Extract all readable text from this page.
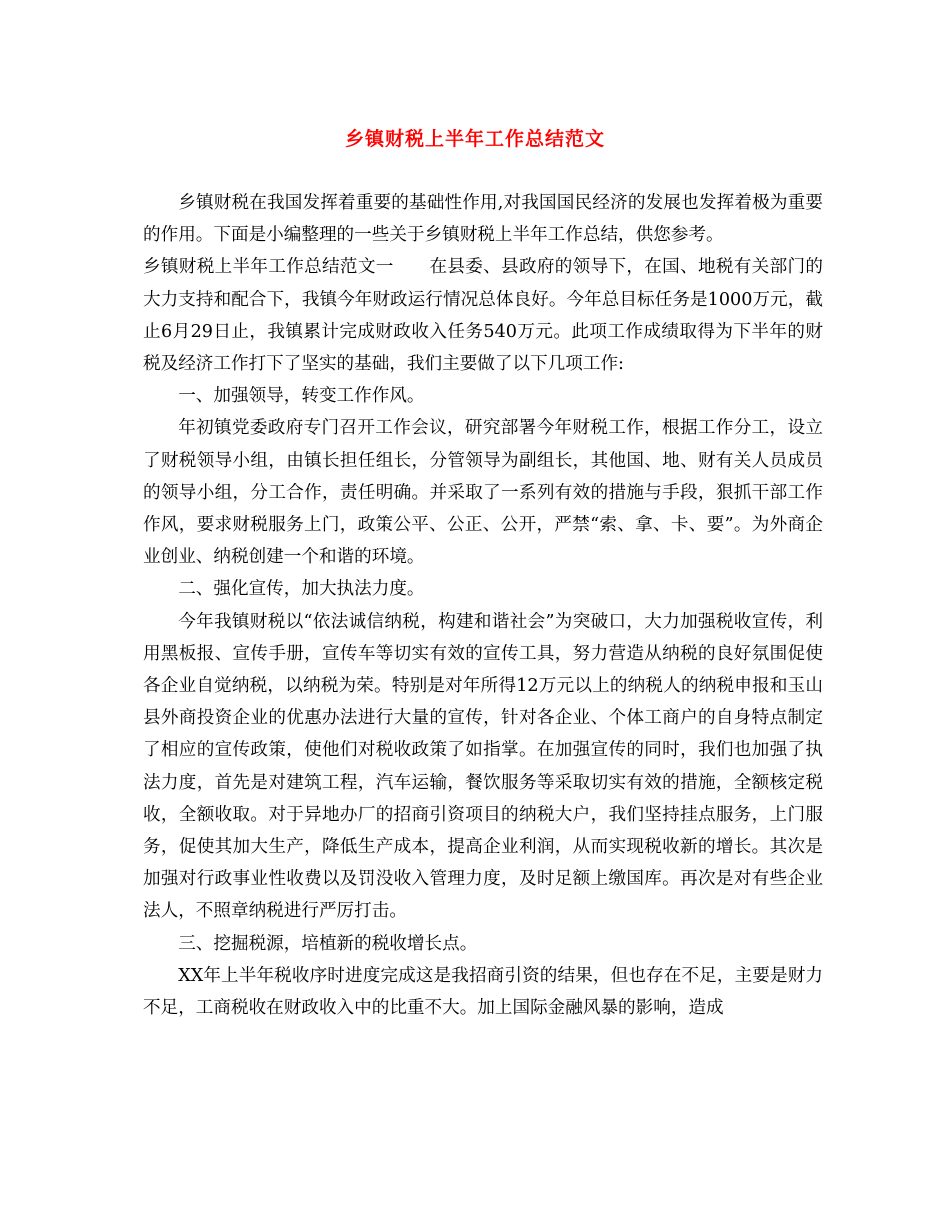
乡镇财税上半年工作总结范文

乡镇财税在我国发挥着重要的基础性作用,对我国国民经济的发展也发挥着极为重要的作用。下面是小编整理的一些关于乡镇财税上半年工作总结，供您参考。

乡镇财税上半年工作总结范文一　　在县委、县政府的领导下，在国、地税有关部门的大力支持和配合下，我镇今年财政运行情况总体良好。今年总目标任务是1000万元，截止6月29日止，我镇累计完成财政收入任务540万元。此项工作成绩取得为下半年的财税及经济工作打下了坚实的基础，我们主要做了以下几项工作:

一、加强领导，转变工作作风。

年初镇党委政府专门召开工作会议，研究部署今年财税工作，根据工作分工，设立了财税领导小组，由镇长担任组长，分管领导为副组长，其他国、地、财有关人员成员的领导小组，分工合作，责任明确。并采取了一系列有效的措施与手段，狠抓干部工作作风，要求财税服务上门，政策公平、公正、公开，严禁“索、拿、卡、要”。为外商企业创业、纳税创建一个和谐的环境。

二、强化宣传，加大执法力度。

今年我镇财税以“依法诚信纳税，构建和谐社会”为突破口，大力加强税收宣传，利用黑板报、宣传手册，宣传车等切实有效的宣传工具，努力营造从纳税的良好氛围促使各企业自觉纳税，以纳税为荣。特别是对年所得12万元以上的纳税人的纳税申报和玉山县外商投资企业的优惠办法进行大量的宣传，针对各企业、个体工商户的自身特点制定了相应的宣传政策，使他们对税收政策了如指掌。在加强宣传的同时，我们也加强了执法力度，首先是对建筑工程，汽车运输，餐饮服务等采取切实有效的措施，全额核定税收，全额收取。对于异地办厂的招商引资项目的纳税大户，我们坚持挂点服务，上门服务，促使其加大生产，降低生产成本，提高企业利润，从而实现税收新的增长。其次是加强对行政事业性收费以及罚没收入管理力度，及时足额上缴国库。再次是对有些企业法人，不照章纳税进行严厉打击。

三、挖掘税源，培植新的税收增长点。

XX年上半年税收序时进度完成这是我招商引资的结果，但也存在不足，主要是财力不足，工商税收在财政收入中的比重不大。加上国际金融风暴的影响，造成
